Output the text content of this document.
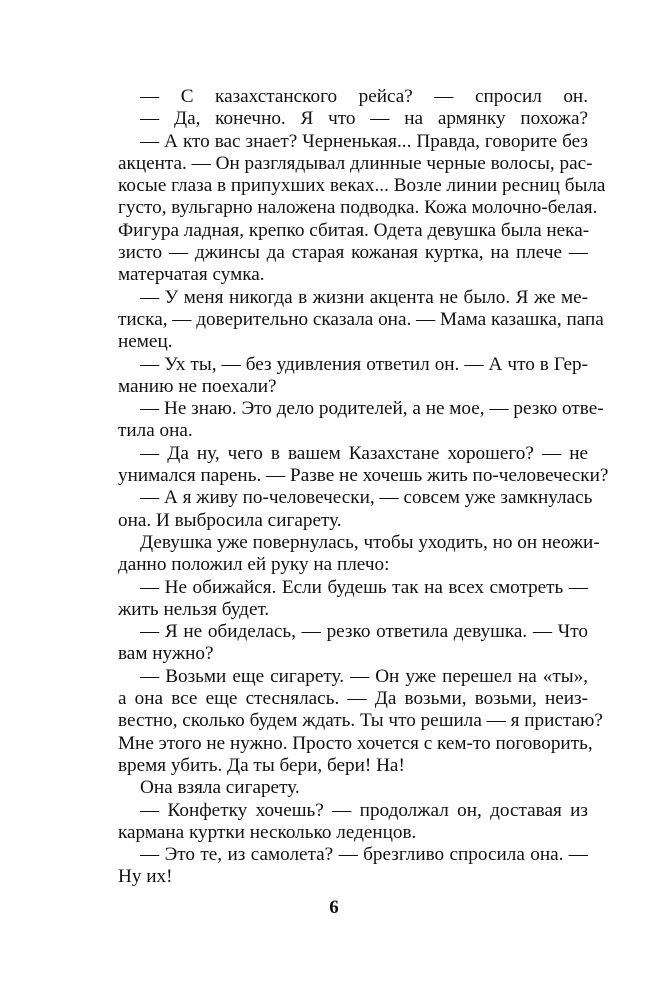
— С казахстанского рейса? — спросил он.
— Да, конечно. Я что — на армянку похожа?
— А кто вас знает? Черненькая... Правда, говорите без
акцента. — Он разглядывал длинные черные волосы, рас-
косые глаза в припухших веках... Возле линии ресниц была
густо, вульгарно наложена подводка. Кожа молочно-белая.
Фигура ладная, крепко сбитая. Одета девушка была нека-
зисто — джинсы да старая кожаная куртка, на плече —
матерчатая сумка.
— У меня никогда в жизни акцента не было. Я же ме-
тиска, — доверительно сказала она. — Мама казашка, папа
немец.
— Ух ты, — без удивления ответил он. — А что в Гер-
манию не поехали?
— Не знаю. Это дело родителей, а не мое, — резко отве-
тила она.
— Да ну, чего в вашем Казахстане хорошего? — не
унимался парень. — Разве не хочешь жить по-человечески?
— А я живу по-человечески, — совсем уже замкнулась
она. И выбросила сигарету.
Девушка уже повернулась, чтобы уходить, но он неожи-
данно положил ей руку на плечо:
— Не обижайся. Если будешь так на всех смотреть —
жить нельзя будет.
— Я не обиделась, — резко ответила девушка. — Что
вам нужно?
— Возьми еще сигарету. — Он уже перешел на «ты»,
а она все еще стеснялась. — Да возьми, возьми, неиз-
вестно, сколько будем ждать. Ты что решила — я пристаю?
Мне этого не нужно. Просто хочется с кем-то поговорить,
время убить. Да ты бери, бери! На!
Она взяла сигарету.
— Конфетку хочешь? — продолжал он, доставая из
кармана куртки несколько леденцов.
— Это те, из самолета? — брезгливо спросила она. —
Ну их!
6
